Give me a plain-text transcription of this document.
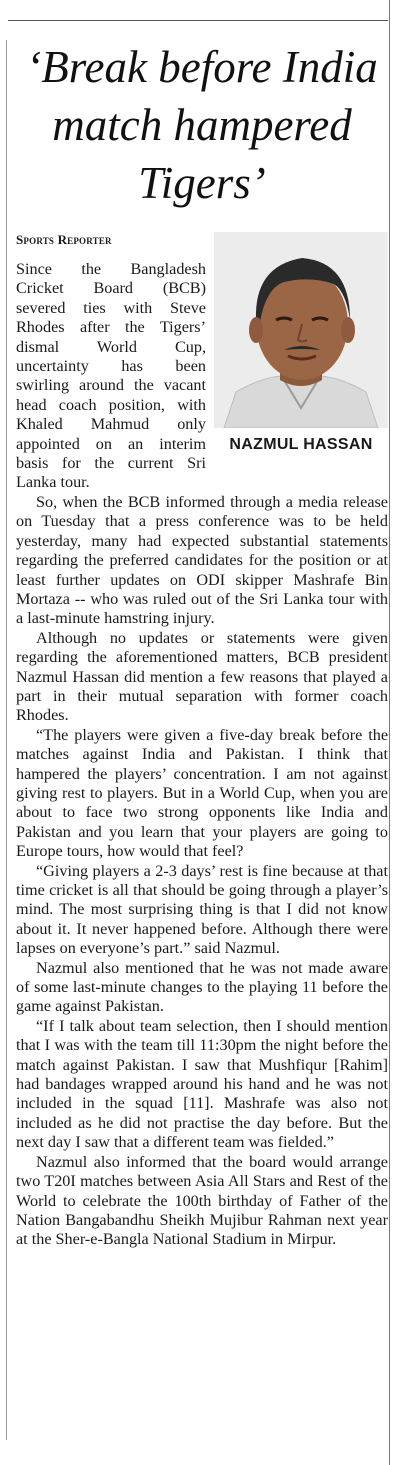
‘Break before India match hampered Tigers’
Sports Reporter
NAZMUL HASSAN

Since the Bangladesh Cricket Board (BCB) severed ties with Steve Rhodes after the Tigers’ dismal World Cup, uncertainty has been swirling around the vacant head coach position, with Khaled Mahmud only appointed on an interim basis for the current Sri Lanka tour.

So, when the BCB informed through a media release on Tuesday that a press conference was to be held yesterday, many had expected substantial statements regarding the preferred candidates for the position or at least further updates on ODI skipper Mashrafe Bin Mortaza -- who was ruled out of the Sri Lanka tour with a last-minute hamstring injury.

Although no updates or statements were given regarding the aforementioned matters, BCB president Nazmul Hassan did mention a few reasons that played a part in their mutual separation with former coach Rhodes.

“The players were given a five-day break before the matches against India and Pakistan. I think that hampered the players’ concentration. I am not against giving rest to players. But in a World Cup, when you are about to face two strong opponents like India and Pakistan and you learn that your players are going to Europe tours, how would that feel?

“Giving players a 2-3 days’ rest is fine because at that time cricket is all that should be going through a player’s mind. The most surprising thing is that I did not know about it. It never happened before. Although there were lapses on everyone’s part.” said Nazmul.

Nazmul also mentioned that he was not made aware of some last-minute changes to the playing 11 before the game against Pakistan.

“If I talk about team selection, then I should mention that I was with the team till 11:30pm the night before the match against Pakistan. I saw that Mushfiqur [Rahim] had bandages wrapped around his hand and he was not included in the squad [11]. Mashrafe was also not included as he did not practise the day before. But the next day I saw that a different team was fielded.”

Nazmul also informed that the board would arrange two T20I matches between Asia All Stars and Rest of the World to celebrate the 100th birthday of Father of the Nation Bangabandhu Sheikh Mujibur Rahman next year at the Sher-e-Bangla National Stadium in Mirpur.
